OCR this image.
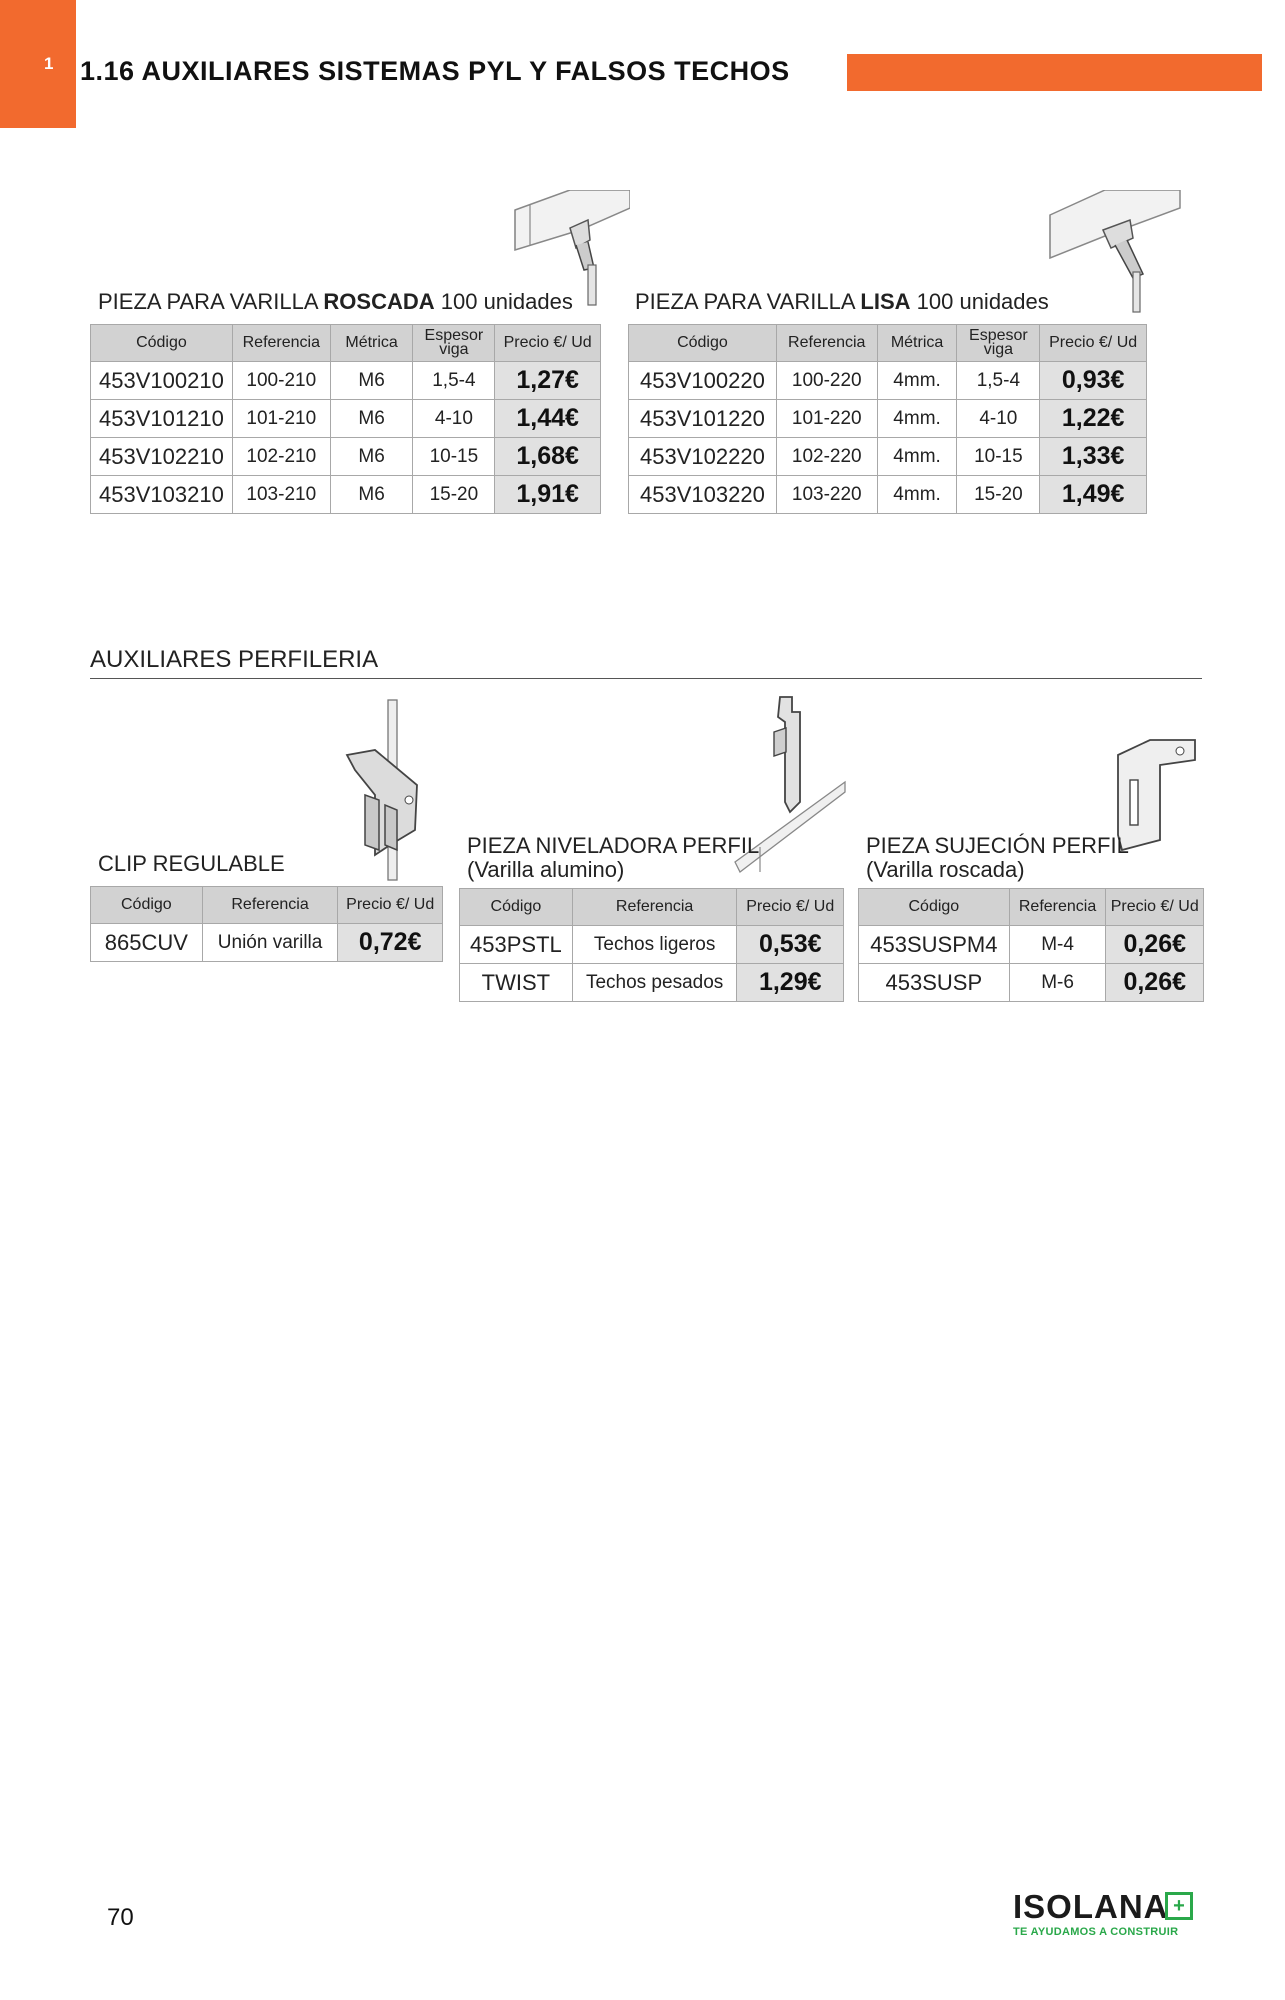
1 1.16 AUXILIARES SISTEMAS PYL Y FALSOS TECHOS
PIEZA PARA VARILLA ROSCADA 100 unidades	PIEZA PARA VARILLA LISA 100 unidades
Código	Referencia	Métrica	Espesor viga	Precio €/ Ud
453V100210	100-210	M6	1,5-4	1,27€
453V101210	101-210	M6	4-10	1,44€
453V102210	102-210	M6	10-15	1,68€
453V103210	103-210	M6	15-20	1,91€
Código	Referencia	Métrica	Espesor viga	Precio €/ Ud
453V100220	100-220	4mm.	1,5-4	0,93€
453V101220	101-220	4mm.	4-10	1,22€
453V102220	102-220	4mm.	10-15	1,33€
453V103220	103-220	4mm.	15-20	1,49€
AUXILIARES PERFILERIA
CLIP REGULABLE
Código	Referencia	Precio €/ Ud
865CUV	Unión varilla	0,72€
PIEZA NIVELADORA PERFIL
(Varilla alumino)
Código	Referencia	Precio €/ Ud
453PSTL	Techos ligeros	0,53€
TWIST	Techos pesados	1,29€
PIEZA SUJECIÓN PERFIL
(Varilla roscada)
Código	Referencia	Precio €/ Ud
453SUSPM4	M-4	0,26€
453SUSP	M-6	0,26€
70	ISOLANA +
TE AYUDAMOS A CONSTRUIR
